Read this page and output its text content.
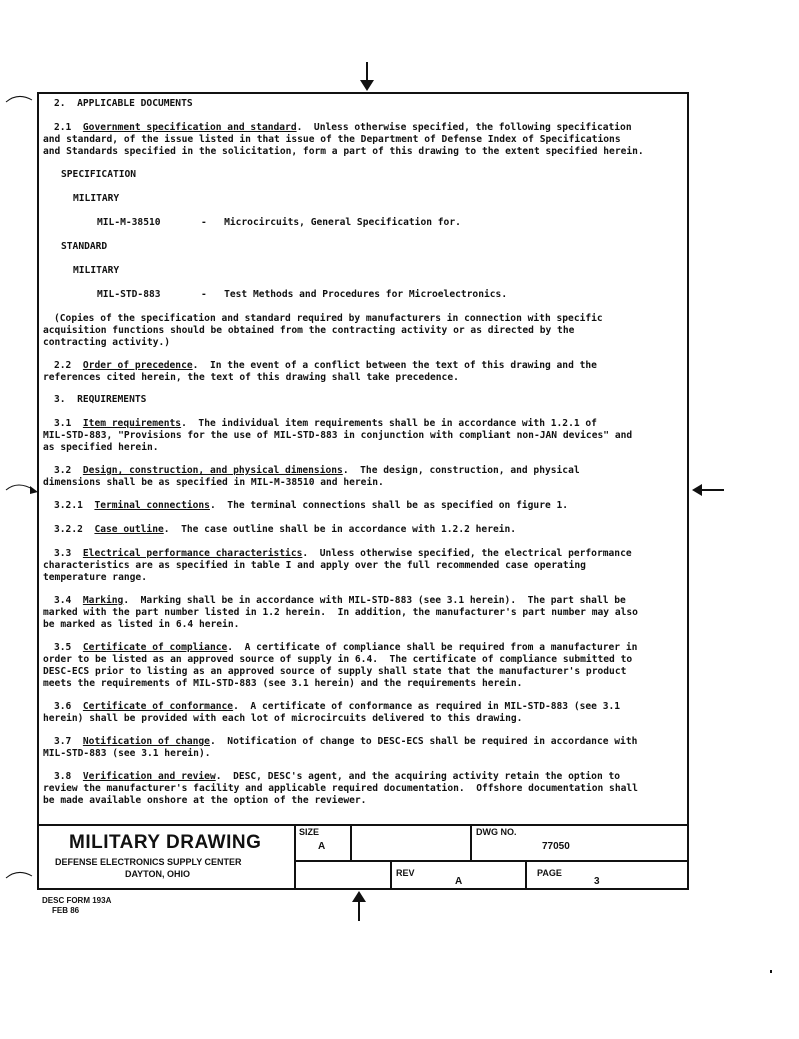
2.  APPLICABLE DOCUMENTS
2.1  Government specification and standard.  Unless otherwise specified, the following specification
and standard, of the issue listed in that issue of the Department of Defense Index of Specifications
and Standards specified in the solicitation, form a part of this drawing to the extent specified herein.
SPECIFICATION
MILITARY
MIL-M-38510       -   Microcircuits, General Specification for.
STANDARD
MILITARY
MIL-STD-883       -   Test Methods and Procedures for Microelectronics.
(Copies of the specification and standard required by manufacturers in connection with specific
acquisition functions should be obtained from the contracting activity or as directed by the
contracting activity.)
2.2  Order of precedence.  In the event of a conflict between the text of this drawing and the
references cited herein, the text of this drawing shall take precedence.
3.  REQUIREMENTS
3.1  Item requirements.  The individual item requirements shall be in accordance with 1.2.1 of
MIL-STD-883, "Provisions for the use of MIL-STD-883 in conjunction with compliant non-JAN devices" and
as specified herein.
3.2  Design, construction, and physical dimensions.  The design, construction, and physical
dimensions shall be as specified in MIL-M-38510 and herein.
3.2.1  Terminal connections.  The terminal connections shall be as specified on figure 1.
3.2.2  Case outline.  The case outline shall be in accordance with 1.2.2 herein.
3.3  Electrical performance characteristics.  Unless otherwise specified, the electrical performance
characteristics are as specified in table I and apply over the full recommended case operating
temperature range.
3.4  Marking.  Marking shall be in accordance with MIL-STD-883 (see 3.1 herein).  The part shall be
marked with the part number listed in 1.2 herein.  In addition, the manufacturer's part number may also
be marked as listed in 6.4 herein.
3.5  Certificate of compliance.  A certificate of compliance shall be required from a manufacturer in
order to be listed as an approved source of supply in 6.4.  The certificate of compliance submitted to
DESC-ECS prior to listing as an approved source of supply shall state that the manufacturer's product
meets the requirements of MIL-STD-883 (see 3.1 herein) and the requirements herein.
3.6  Certificate of conformance.  A certificate of conformance as required in MIL-STD-883 (see 3.1
herein) shall be provided with each lot of microcircuits delivered to this drawing.
3.7  Notification of change.  Notification of change to DESC-ECS shall be required in accordance with
MIL-STD-883 (see 3.1 herein).
3.8  Verification and review.  DESC, DESC's agent, and the acquiring activity retain the option to
review the manufacturer's facility and applicable required documentation.  Offshore documentation shall
be made available onshore at the option of the reviewer.
MILITARY DRAWING
DEFENSE ELECTRONICS SUPPLY CENTER
DAYTON, OHIO
SIZE
A
DWG NO.
77050
REV
A
PAGE
3
DESC FORM 193A
FEB 86
